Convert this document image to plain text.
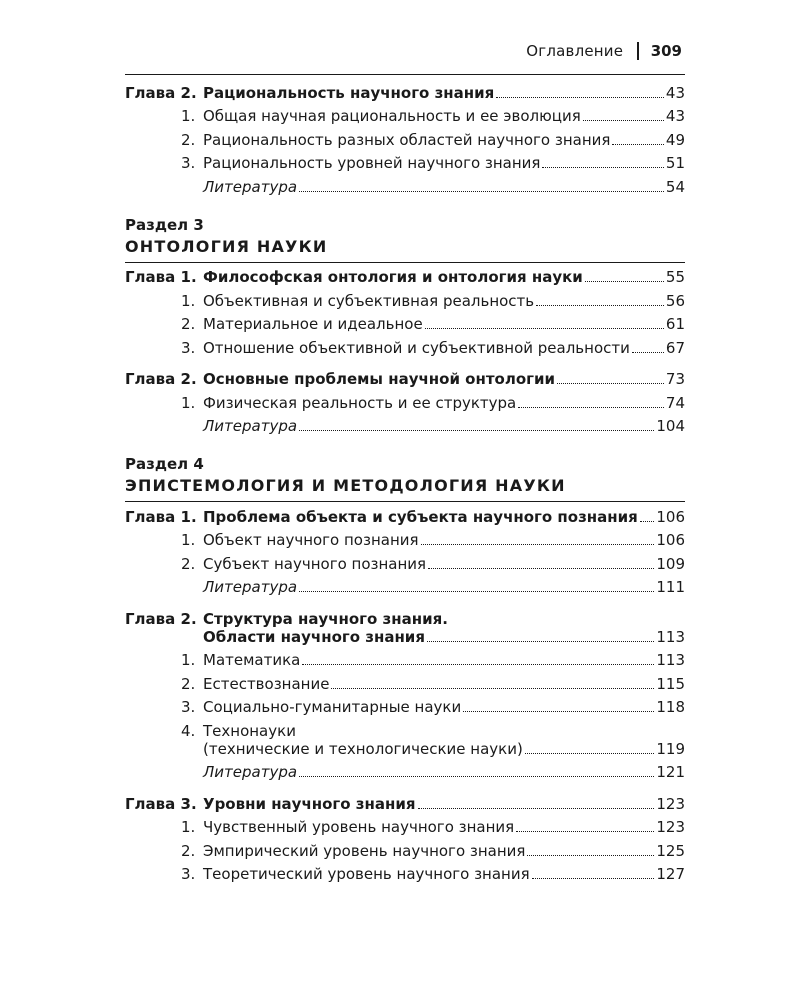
Оглавление 309
Глава 2. Рациональность научного знания	43
1. Общая научная рациональность и ее эволюция	43
2. Рациональность разных областей научного знания	49
3. Рациональность уровней научного знания	51
Литература	54
Раздел 3
ОНТОЛОГИЯ НАУКИ
Глава 1. Философская онтология и онтология науки	55
1. Объективная и субъективная реальность	56
2. Материальное и идеальное	61
3. Отношение объективной и субъективной реальности 67
Глава 2. Основные проблемы научной онтологии	73
1. Физическая реальность и ее структура	74
Литература	104
Раздел 4
ЭПИСТЕМОЛОГИЯ И МЕТОДОЛОГИЯ НАУКИ
Глава 1. Проблема объекта и субъекта научного познания 106
1. Объект научного познания	106
2. Субъект научного познания	109
Литература	111
Глава 2. Структура научного знания.
Области научного знания	113
1. Математика	113
2. Естествознание	115
3. Социально-гуманитарные науки	118
4. Технонауки
(технические и технологические науки)	119
Литература	121
Глава 3. Уровни научного знания	123
1. Чувственный уровень научного знания	123
2. Эмпирический уровень научного знания	125
3. Теоретический уровень научного знания	127
